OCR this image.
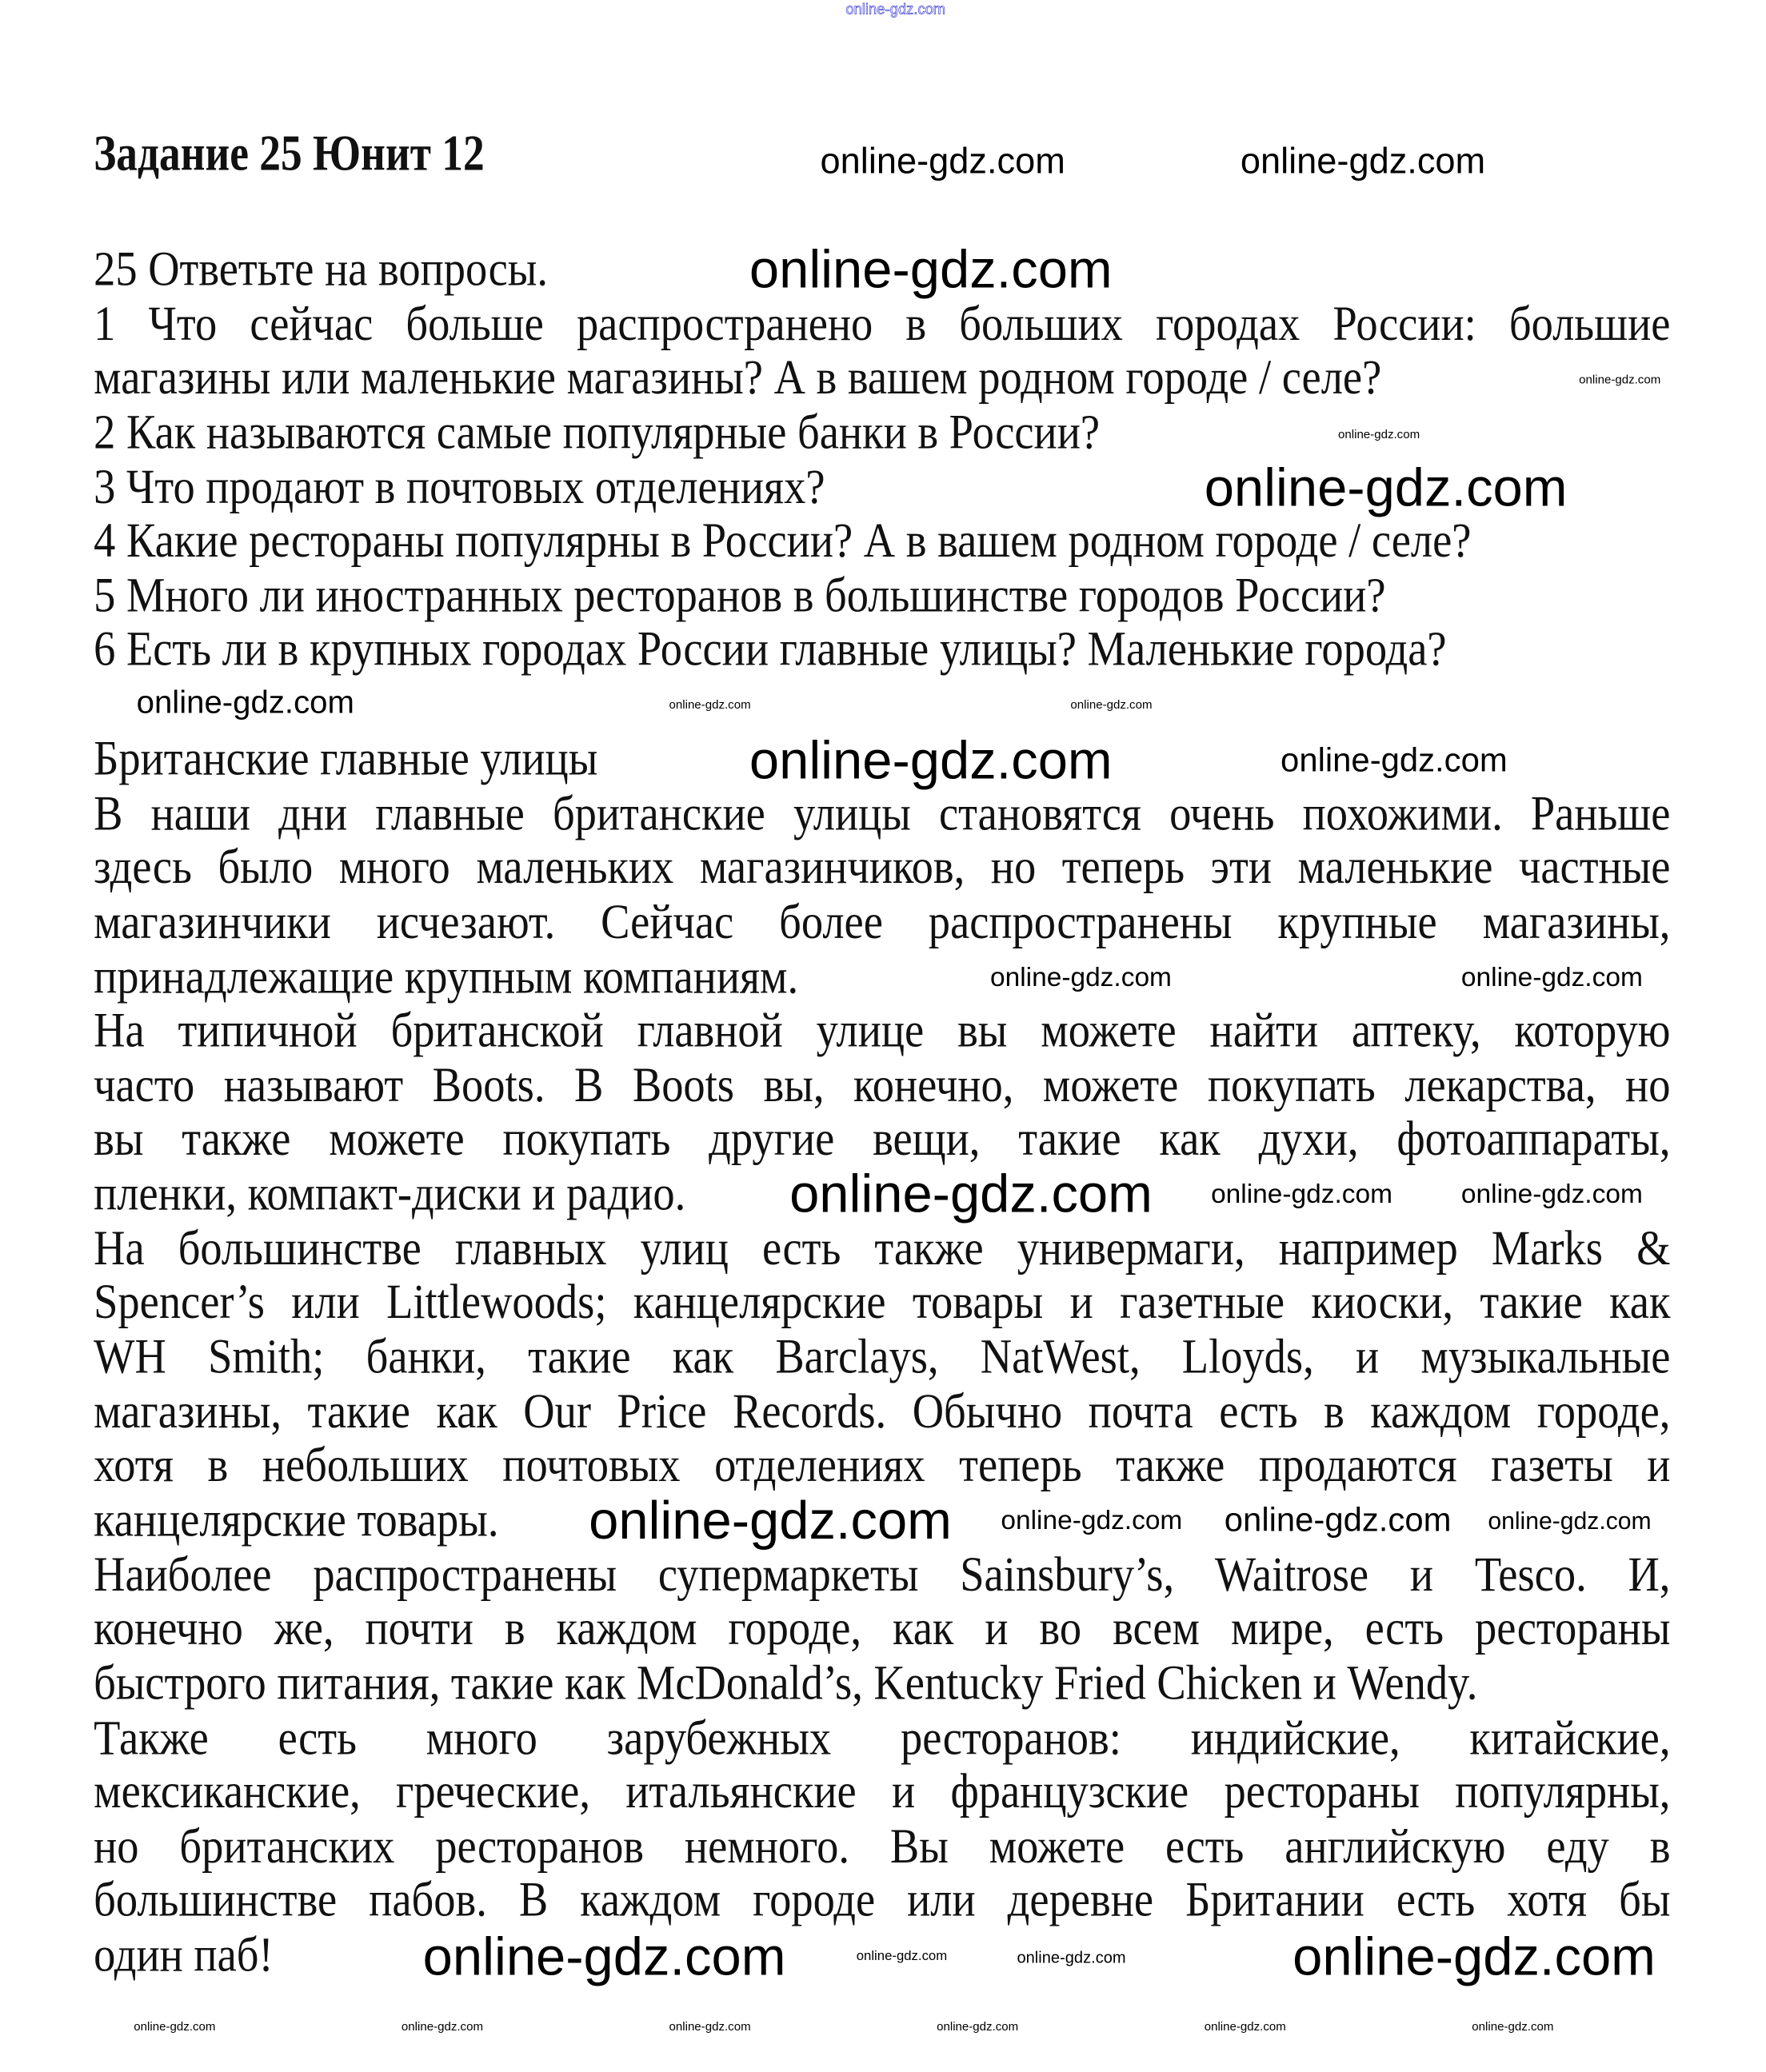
Задание 25 Юнит 12
25 Ответьте на вопросы.
1 Что сейчас больше распространено в больших городах России: большие
магазины или маленькие магазины? А в вашем родном городе / селе?
2 Как называются самые популярные банки в России?
3 Что продают в почтовых отделениях?
4 Какие рестораны популярны в России? А в вашем родном городе / селе?
5 Много ли иностранных ресторанов в большинстве городов России?
6 Есть ли в крупных городах России главные улицы? Маленькие города?
Британские главные улицы
В наши дни главные британские улицы становятся очень похожими. Раньше
здесь было много маленьких магазинчиков, но теперь эти маленькие частные
магазинчики исчезают. Сейчас более распространены крупные магазины,
принадлежащие крупным компаниям.
На типичной британской главной улице вы можете найти аптеку, которую
часто называют Boots. В Boots вы, конечно, можете покупать лекарства, но
вы также можете покупать другие вещи, такие как духи, фотоаппараты,
пленки, компакт-диски и радио.
На большинстве главных улиц есть также универмаги, например Marks &
Spencer’s или Littlewoods; канцелярские товары и газетные киоски, такие как
WH Smith; банки, такие как Barclays, NatWest, Lloyds, и музыкальные
магазины, такие как Our Price Records. Обычно почта есть в каждом городе,
хотя в небольших почтовых отделениях теперь также продаются газеты и
канцелярские товары.
Наиболее распространены супермаркеты Sainsbury’s, Waitrose и Tesco. И,
конечно же, почти в каждом городе, как и во всем мире, есть рестораны
быстрого питания, такие как McDonald’s, Kentucky Fried Chicken и Wendy.
Также есть много зарубежных ресторанов: индийские, китайские,
мексиканские, греческие, итальянские и французские рестораны популярны,
но британских ресторанов немного. Вы можете есть английскую еду в
большинстве пабов. В каждом городе или деревне Британии есть хотя бы
один паб!
online-gdz.com
online-gdz.com	online-gdz.com
online-gdz.com
online-gdz.com
online-gdz.com
online-gdz.com
online-gdz.com	online-gdz.com
online-gdz.com
online-gdz.com	online-gdz.com
online-gdz.com	online-gdz.com
online-gdz.com
online-gdz.com
online-gdz.com	online-gdz.com
online-gdz.com	online-gdz.com
online-gdz.com
online-gdz.com	online-gdz.com
online-gdz.com	online-gdz.com	online-gdz.com	online-gdz.com	online-gdz.com	online-gdz.com
online-gdz.com	online-gdz.com
